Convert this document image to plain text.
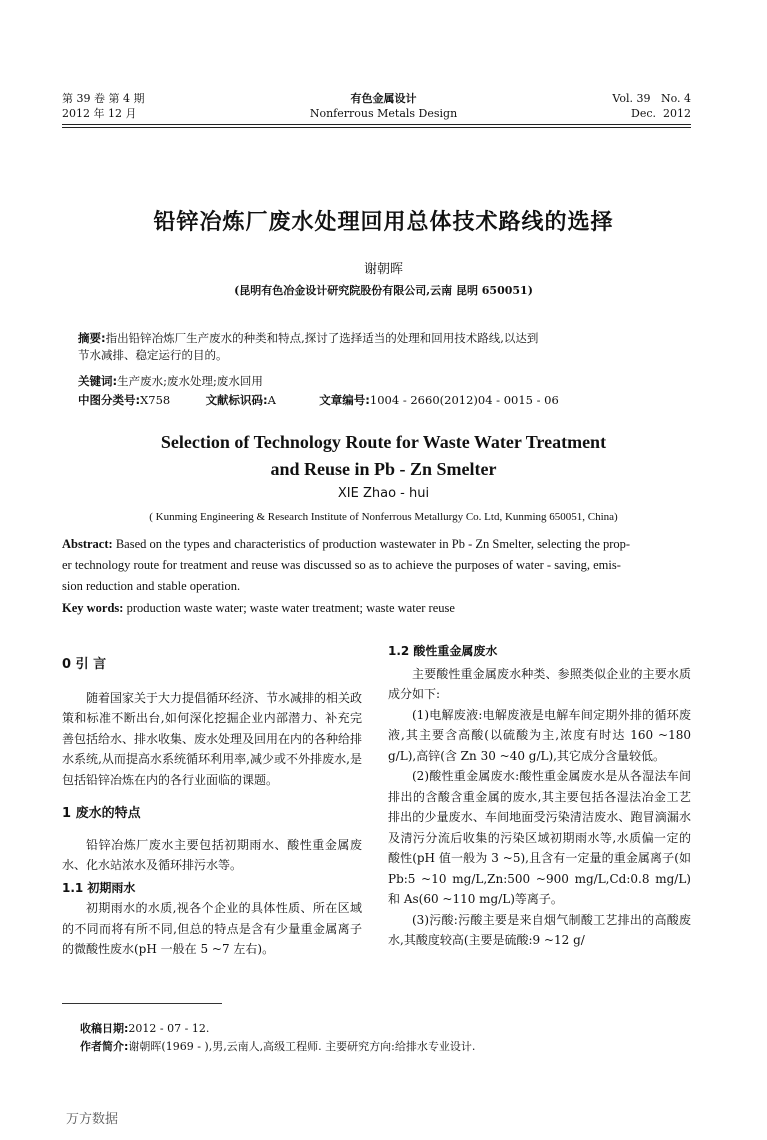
第 39 卷 第 4 期
2012 年 12 月
有色金属设计
Nonferrous Metals Design
Vol. 39   No. 4
Dec.  2012
铅锌冶炼厂废水处理回用总体技术路线的选择
谢朝晖
(昆明有色冶金设计研究院股份有限公司,云南 昆明 650051)
摘要:指出铅锌冶炼厂生产废水的种类和特点,探讨了选择适当的处理和回用技术路线,以达到
节水减排、稳定运行的目的。
关键词:生产废水;废水处理;废水回用
中图分类号:X758	文献标识码:A	文章编号:1004 - 2660(2012)04 - 0015 - 06
Selection of Technology Route for Waste Water Treatment
and Reuse in Pb - Zn Smelter
XIE Zhao - hui
( Kunming Engineering & Research Institute of Nonferrous Metallurgy Co. Ltd, Kunming 650051, China)
Abstract: Based on the types and characteristics of production wastewater in Pb - Zn Smelter, selecting the prop-
er technology route for treatment and reuse was discussed so as to achieve the purposes of water - saving, emis-
sion reduction and stable operation.
Key words: production waste water; waste water treatment; waste water reuse
0 引 言

随着国家关于大力提倡循环经济、节水减排的相关政策和标准不断出台,如何深化挖掘企业内部潜力、补充完善包括给水、排水收集、废水处理及回用在内的各种给排水系统,从而提高水系统循环利用率,减少或不外排废水,是包括铅锌冶炼在内的各行业面临的课题。

1 废水的特点

铅锌冶炼厂废水主要包括初期雨水、酸性重金属废水、化水站浓水及循环排污水等。

1.1 初期雨水

初期雨水的水质,视各个企业的具体性质、所在区域的不同而将有所不同,但总的特点是含有少量重金属离子的微酸性废水(pH 一般在 5 ~7 左右)。

1.2 酸性重金属废水

主要酸性重金属废水种类、参照类似企业的主要水质成分如下:

(1)电解废液:电解废液是电解车间定期外排的循环废液,其主要含高酸(以硫酸为主,浓度有时达 160 ~180 g/L),高锌(含 Zn 30 ~40 g/L),其它成分含量较低。

(2)酸性重金属废水:酸性重金属废水是从各湿法车间排出的含酸含重金属的废水,其主要包括各湿法冶金工艺排出的少量废水、车间地面受污染清洁废水、跑冒滴漏水及清污分流后收集的污染区域初期雨水等,水质偏一定的酸性(pH 值一般为 3 ~5),且含有一定量的重金属离子(如 Pb:5 ~10 mg/L,Zn:500 ~900 mg/L,Cd:0.8 mg/L)和 As(60 ~110 mg/L)等离子。

(3)污酸:污酸主要是来自烟气制酸工艺排出的高酸废水,其酸度较高(主要是硫酸:9 ~12 g/

收稿日期:2012 - 07 - 12.
作者简介:谢朝晖(1969 - ),男,云南人,高级工程师. 主要研究方向:给排水专业设计.
万方数据
